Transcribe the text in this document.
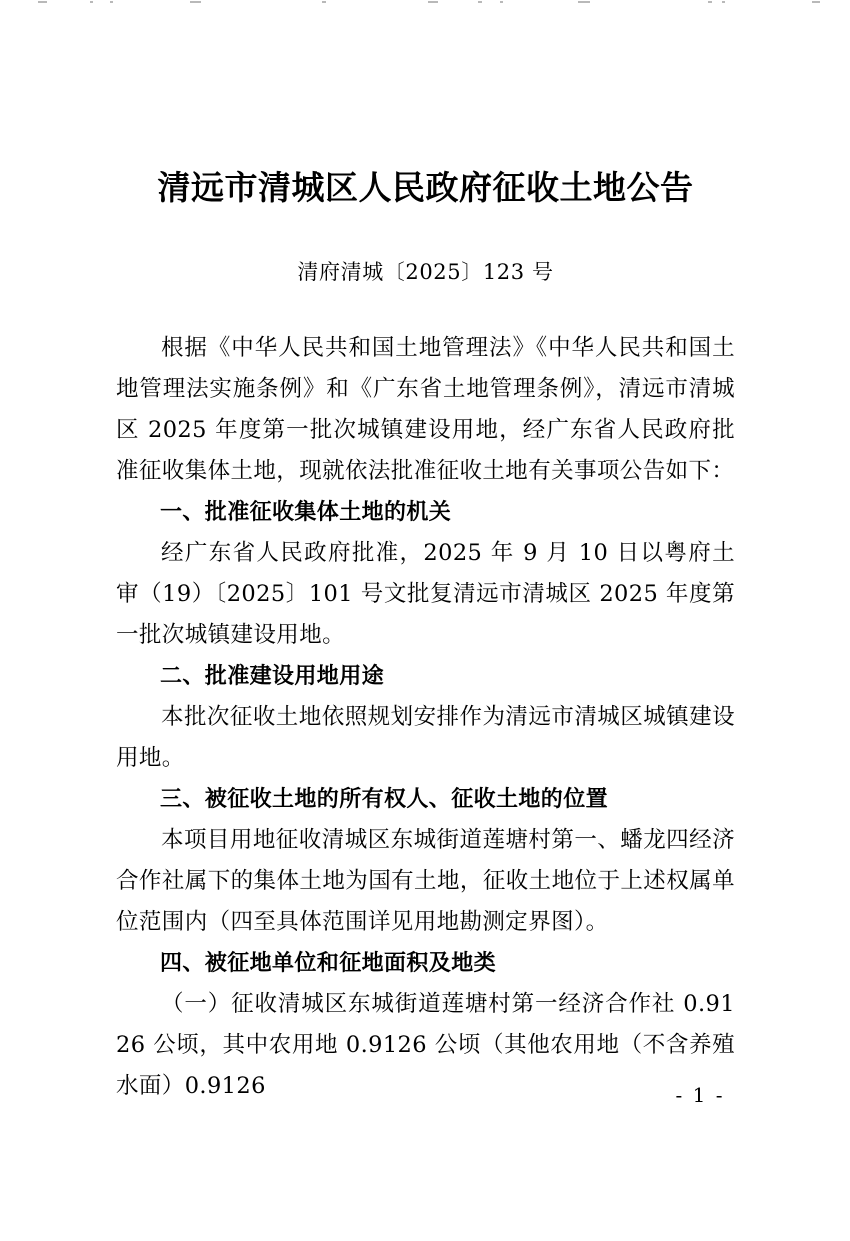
清远市清城区人民政府征收土地公告

清府清城〔2025〕123 号

根据《中华人民共和国土地管理法》《中华人民共和国土地管理法实施条例》和《广东省土地管理条例》，清远市清城区 2025 年度第一批次城镇建设用地，经广东省人民政府批准征收集体土地，现就依法批准征收土地有关事项公告如下：

一、批准征收集体土地的机关

经广东省人民政府批准，2025 年 9 月 10 日以粤府土审（19）〔2025〕101 号文批复清远市清城区 2025 年度第一批次城镇建设用地。

二、批准建设用地用途

本批次征收土地依照规划安排作为清远市清城区城镇建设用地。

三、被征收土地的所有权人、征收土地的位置

本项目用地征收清城区东城街道莲塘村第一、蟠龙四经济合作社属下的集体土地为国有土地，征收土地位于上述权属单位范围内（四至具体范围详见用地勘测定界图）。

四、被征地单位和征地面积及地类

（一）征收清城区东城街道莲塘村第一经济合作社 0.9126 公顷，其中农用地 0.9126 公顷（其他农用地（不含养殖水面）0.9126	- 1 -
